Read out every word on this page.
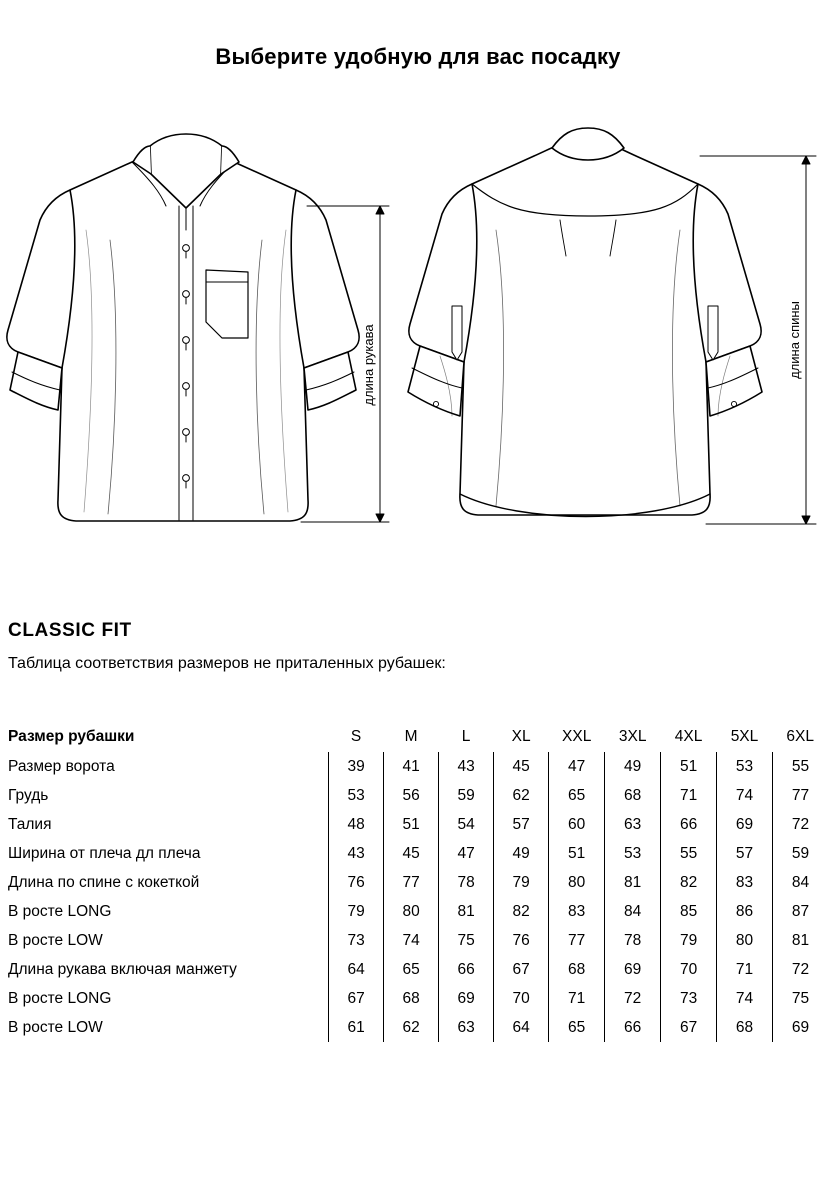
Выберите удобную для вас посадку
длина рукава	длина спины
CLASSIC FIT
Таблица соответствия размеров не приталенных рубашек:
Размер рубашки	S	M	L	XL	XXL	3XL	4XL	5XL	6XL
Размер ворота	39	41	43	45	47	49	51	53	55
Грудь	53	56	59	62	65	68	71	74	77
Талия	48	51	54	57	60	63	66	69	72
Ширина от плеча дл плеча	43	45	47	49	51	53	55	57	59
Длина по спине с кокеткой	76	77	78	79	80	81	82	83	84
В росте LONG	79	80	81	82	83	84	85	86	87
В росте LOW	73	74	75	76	77	78	79	80	81
Длина рукава включая манжету	64	65	66	67	68	69	70	71	72
В росте LONG	67	68	69	70	71	72	73	74	75
В росте LOW	61	62	63	64	65	66	67	68	69
